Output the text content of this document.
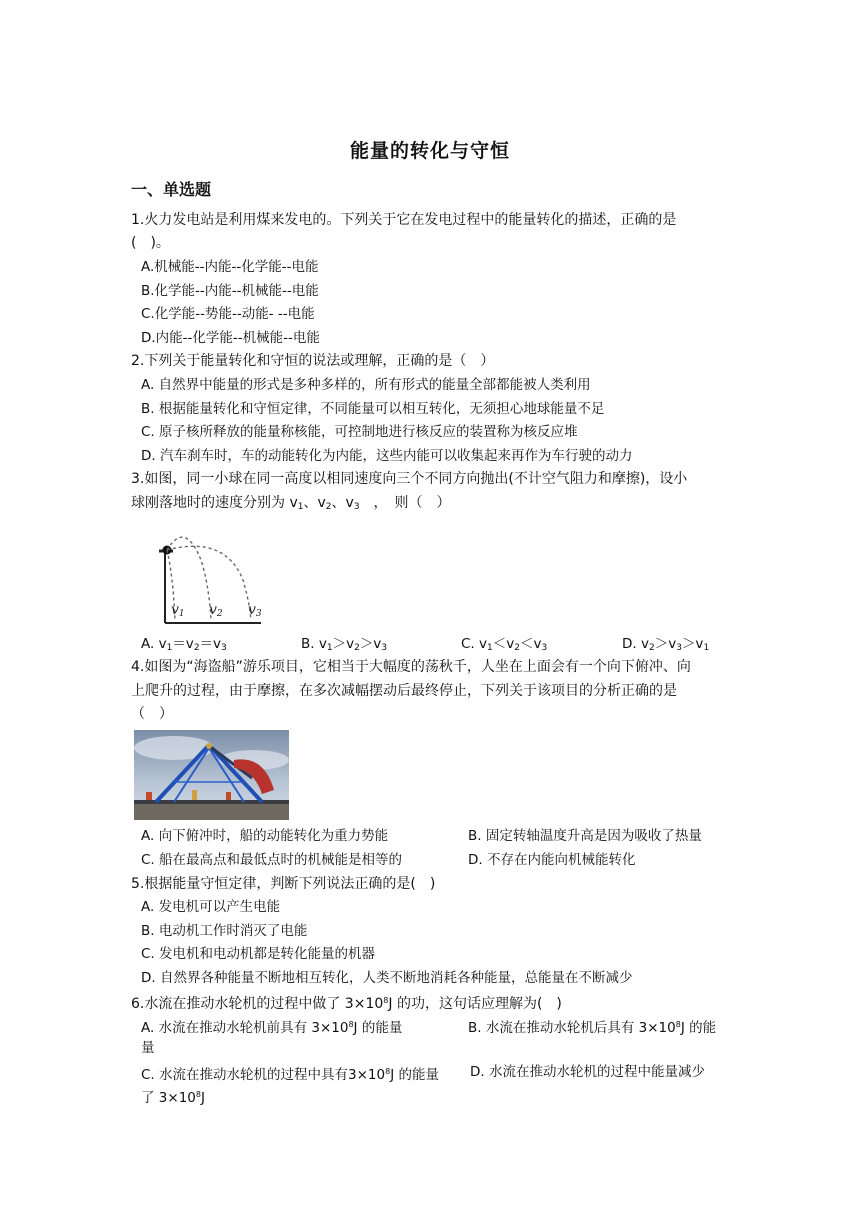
能量的转化与守恒
一、单选题
1.火力发电站是利用煤来发电的。下列关于它在发电过程中的能量转化的描述，正确的是
(　)。
A.机械能--内能--化学能--电能
B.化学能--内能--机械能--电能
C.化学能--势能--动能- --电能
D.内能--化学能--机械能--电能
2.下列关于能量转化和守恒的说法或理解，正确的是（　）
A. 自然界中能量的形式是多种多样的，所有形式的能量全部都能被人类利用
B. 根据能量转化和守恒定律，不同能量可以相互转化，无须担心地球能量不足
C. 原子核所释放的能量称核能，可控制地进行核反应的装置称为核反应堆
D. 汽车刹车时，车的动能转化为内能，这些内能可以收集起来再作为车行驶的动力
3.如图，同一小球在同一高度以相同速度向三个不同方向抛出(不计空气阻力和摩擦)，设小
球刚落地时的速度分别为 $v_1$、$v_2$、$v_3$　，　则（　）
v1 v2 v3
A. $v_1=v_2=v_3$	B. $v_1>v_2>v_3$	C. $v_1<v_2<v_3$	D. $v_2>v_3>v_1$
4.如图为“海盗船”游乐项目，它相当于大幅度的荡秋千，人坐在上面会有一个向下俯冲、向
上爬升的过程，由于摩擦，在多次减幅摆动后最终停止，下列关于该项目的分析正确的是
（　）
A. 向下俯冲时，船的动能转化为重力势能	B. 固定转轴温度升高是因为吸收了热量
C. 船在最高点和最低点时的机械能是相等的	D. 不存在内能向机械能转化
5.根据能量守恒定律，判断下列说法正确的是(　)
A. 发电机可以产生电能
B. 电动机工作时消灭了电能
C. 发电机和电动机都是转化能量的机器
D. 自然界各种能量不断地相互转化，人类不断地消耗各种能量，总能量在不断减少
6.水流在推动水轮机的过程中做了 $3\times 10^8J$ 的功，这句话应理解为(　)
A. 水流在推动水轮机前具有 $3\times 10^8J$ 的能量	B. 水流在推动水轮机后具有 $3\times 10^8J$ 的能
量
C. 水流在推动水轮机的过程中具有$3\times 10^8J$ 的能量 D. 水流在推动水轮机的过程中能量减少
了 $3\times 10^8J$
